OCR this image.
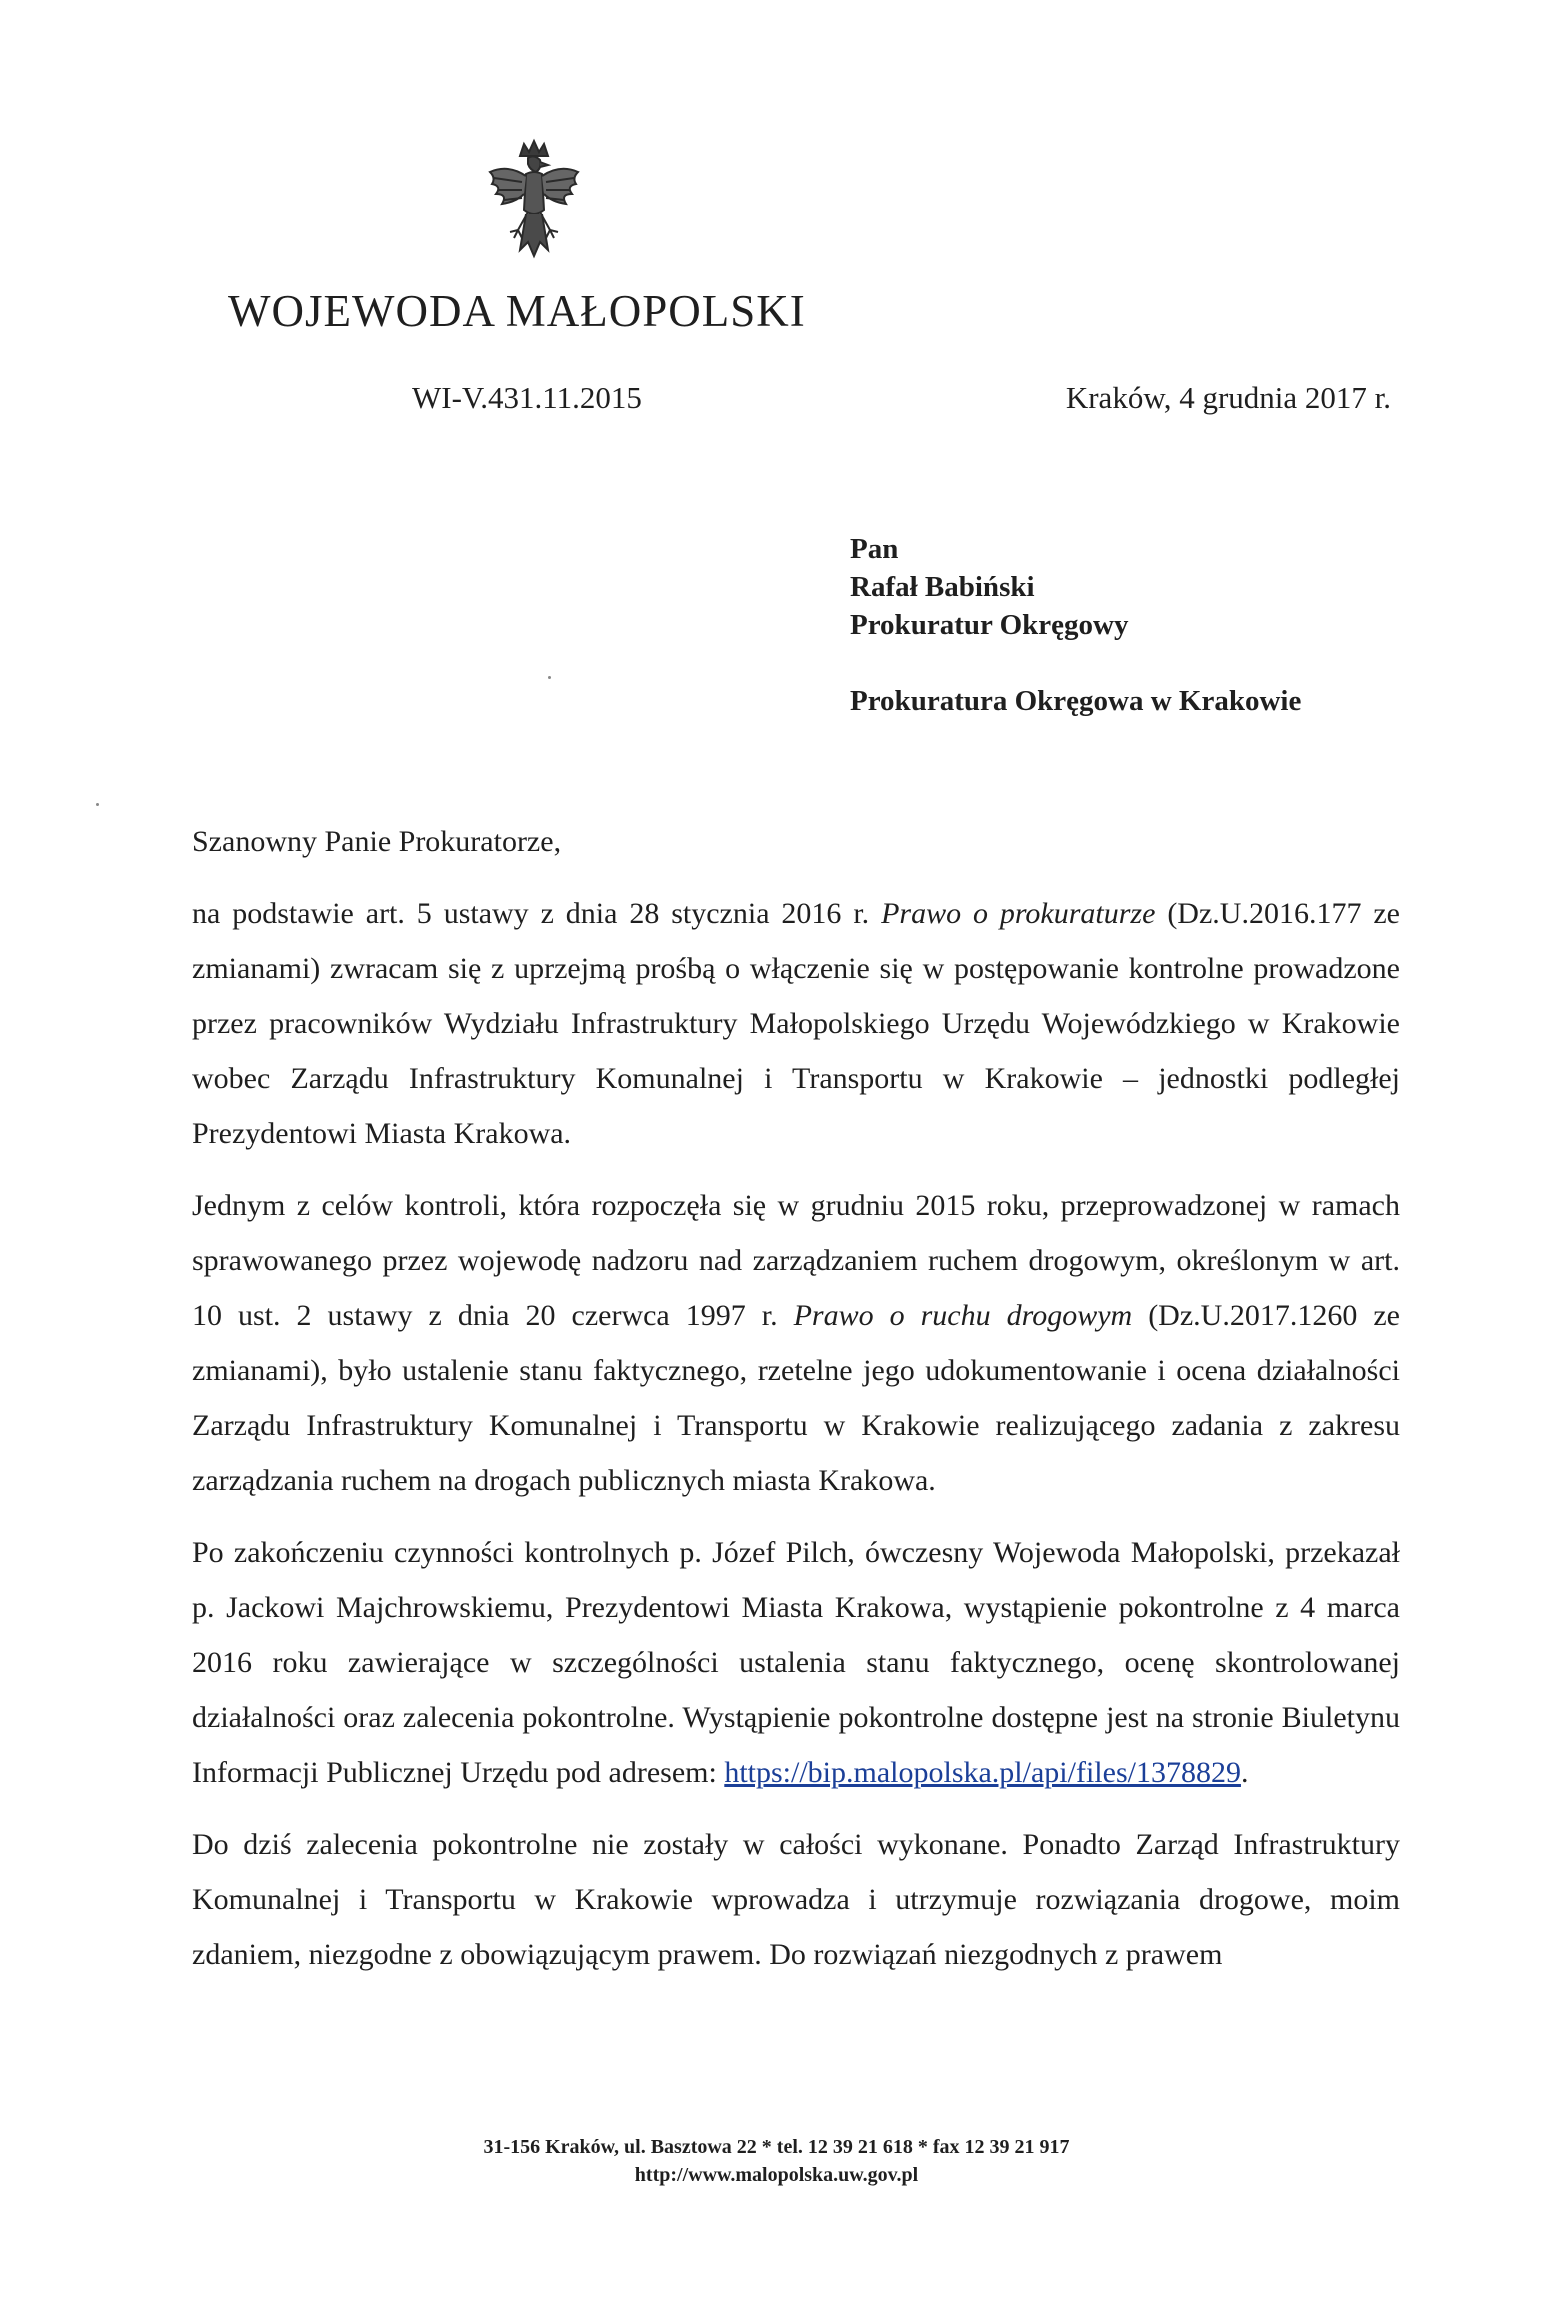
WOJEWODA MAŁOPOLSKI
WI-V.431.11.2015	Kraków, 4 grudnia 2017 r.
Pan
Rafał Babiński
Prokuratur Okręgowy
Prokuratura Okręgowa w Krakowie
Szanowny Panie Prokuratorze,

na podstawie art. 5 ustawy z dnia 28 stycznia 2016 r. Prawo o prokuraturze (Dz.U.2016.177 ze zmianami) zwracam się z uprzejmą prośbą o włączenie się w postępowanie kontrolne prowadzone przez pracowników Wydziału Infrastruktury Małopolskiego Urzędu Wojewódzkiego w Krakowie wobec Zarządu Infrastruktury Komunalnej i Transportu w Krakowie – jednostki podległej Prezydentowi Miasta Krakowa.

Jednym z celów kontroli, która rozpoczęła się w grudniu 2015 roku, przeprowadzonej w ramach sprawowanego przez wojewodę nadzoru nad zarządzaniem ruchem drogowym, określonym w art. 10 ust. 2 ustawy z dnia 20 czerwca 1997 r. Prawo o ruchu drogowym (Dz.U.2017.1260 ze zmianami), było ustalenie stanu faktycznego, rzetelne jego udokumentowanie i ocena działalności Zarządu Infrastruktury Komunalnej i Transportu w Krakowie realizującego zadania z zakresu zarządzania ruchem na drogach publicznych miasta Krakowa.

Po zakończeniu czynności kontrolnych p. Józef Pilch, ówczesny Wojewoda Małopolski, przekazał p. Jackowi Majchrowskiemu, Prezydentowi Miasta Krakowa, wystąpienie pokontrolne z 4 marca 2016 roku zawierające w szczególności ustalenia stanu faktycznego, ocenę skontrolowanej działalności oraz zalecenia pokontrolne. Wystąpienie pokontrolne dostępne jest na stronie Biuletynu Informacji Publicznej Urzędu pod adresem: https://bip.malopolska.pl/api/files/1378829.

Do dziś zalecenia pokontrolne nie zostały w całości wykonane. Ponadto Zarząd Infrastruktury Komunalnej i Transportu w Krakowie wprowadza i utrzymuje rozwiązania drogowe, moim zdaniem, niezgodne z obowiązującym prawem. Do rozwiązań niezgodnych z prawem

31-156 Kraków, ul. Basztowa 22 * tel. 12 39 21 618 * fax 12 39 21 917
http://www.malopolska.uw.gov.pl
